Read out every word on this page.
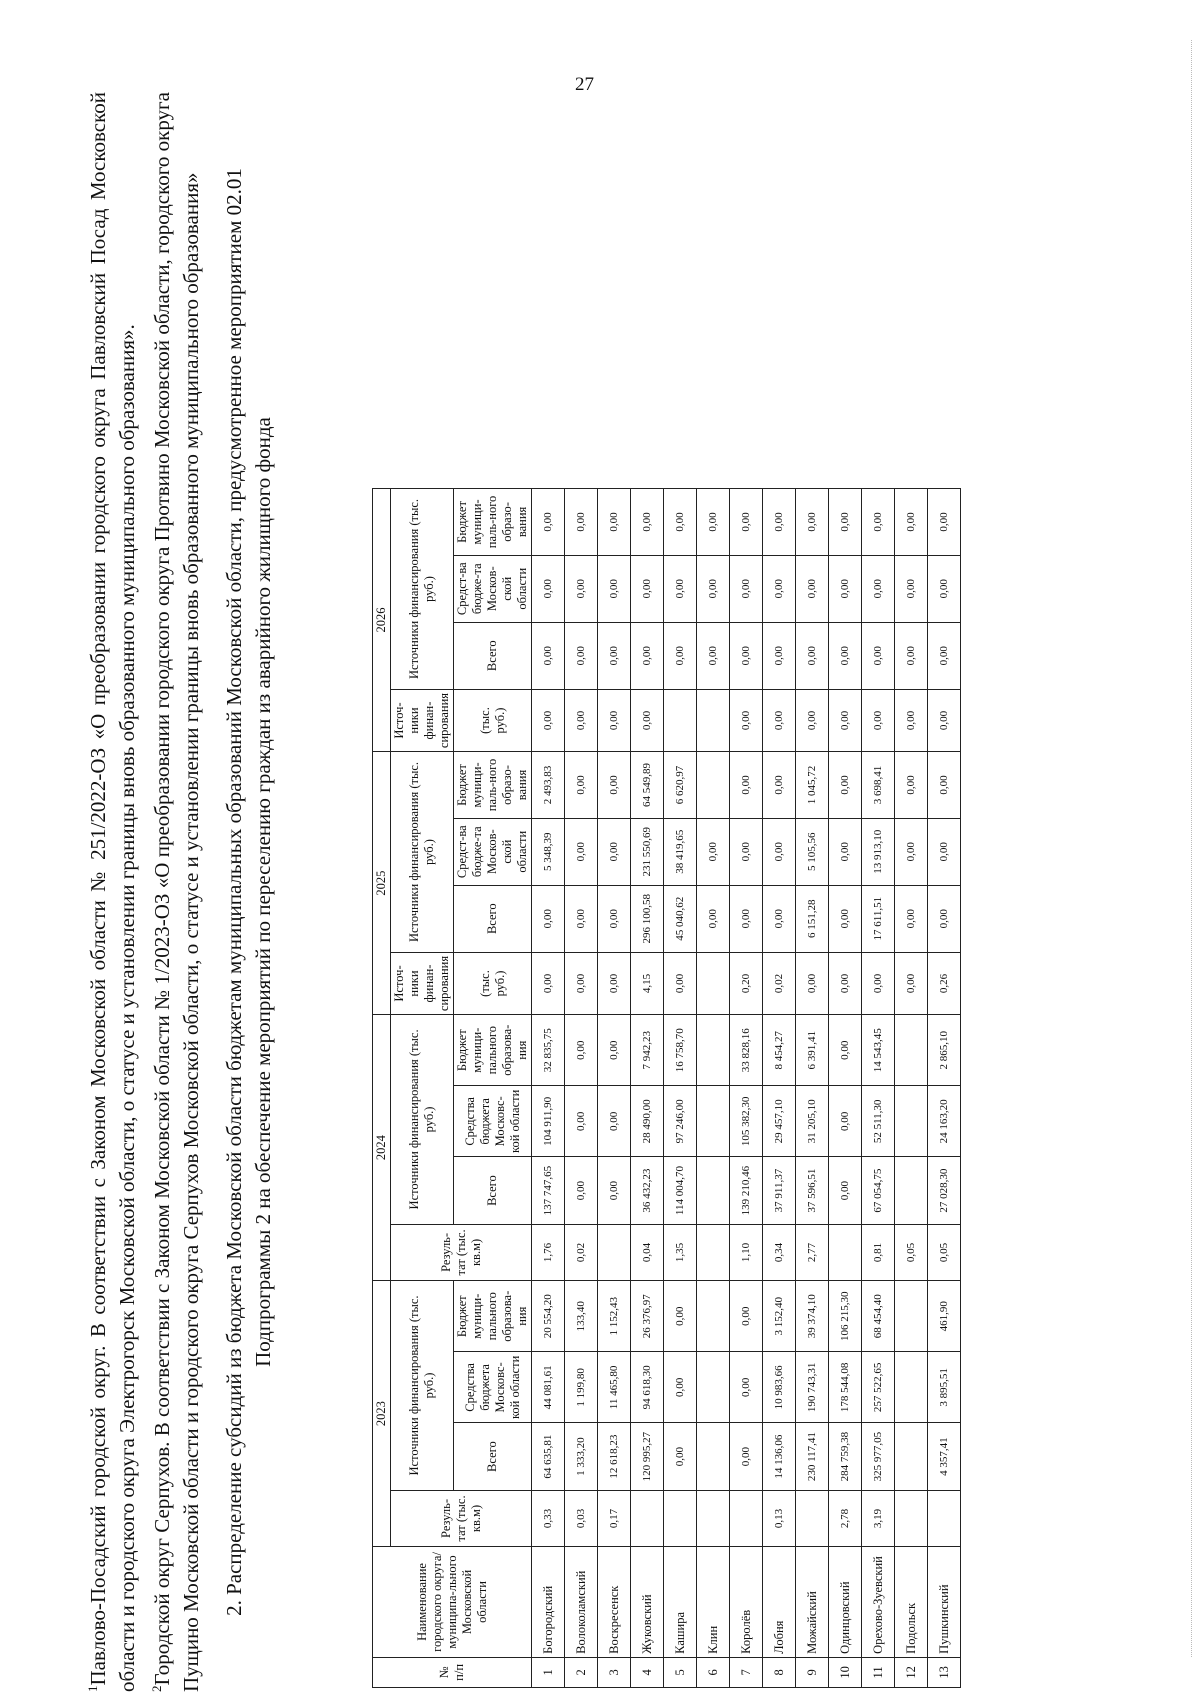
27

$^1$Павлово-Посадский городской округ. В соответствии с Законом Московской области № 251/2022-ОЗ «О преобразовании городского округа Павловский Посад Московской области и городского округа Электрогорск Московской области, о статусе и установлении границы вновь образованного муниципального образования». $^2$Городской округ Серпухов. В соответствии с Законом Московской области № 1/2023-ОЗ «О преобразовании городского округа Протвино Московской области, городского округа Пущино Московской области и городского округа Серпухов Московской области, о статусе и установлении границы вновь образованного муниципального образования» 2. Распределение субсидий из бюджета Московской области бюджетам муниципальных образований Московской области, предусмотренное мероприятием 02.01 Подпрограммы 2 на обеспечение мероприятий по переселению граждан из аварийного жилищного фонда
№ п/п	Наименование городского округа/муниципа-льного Московской области	2023				2024				2025				2026			
		Резуль-тат (тыс. кв.м)	Источники финансирования (тыс. руб.)			Резуль-тат (тыс. кв.м)	Источники финансирования (тыс. руб.)			Источ-ники финан-сирования	Источники финансирования (тыс. руб.)			Источ-ники финан-сирования	Источники финансирования (тыс. руб.)		
			Всего	Средства бюджета Московс-кой области	Бюджет муници-пального образова-ния		Всего	Средства бюджета Московс-кой области	Бюджет муници-пального образова-ния	(тыс. руб.)	Всего	Средст-ва бюдже-та Москов-ской области	Бюджет муници-паль-ного образо-вания	(тыс. руб.)	Всего	Средст-ва бюдже-та Москов-ской области	Бюджет муници-паль-ного образо-вания
1	Богородский	0,33	64 635,81	44 081,61	20 554,20	1,76	137 747,65	104 911,90	32 835,75	0,00	0,00	5 348,39	2 493,83	0,00	0,00	0,00	0,00
2	Волоколамский	0,03	1 333,20	1 199,80	133,40	0,02	0,00	0,00	0,00	0,00	0,00	0,00	0,00	0,00	0,00	0,00	0,00
3	Воскресенск	0,17	12 618,23	11 465,80	1 152,43		0,00	0,00	0,00	0,00	0,00	0,00	0,00	0,00	0,00	0,00	0,00
4	Жуковский		120 995,27	94 618,30	26 376,97	0,04	36 432,23	28 490,00	7 942,23	4,15	296 100,58	231 550,69	64 549,89	0,00	0,00	0,00	0,00
5	Кашира		0,00	0,00	0,00	1,35	114 004,70	97 246,00	16 758,70	0,00	45 040,62	38 419,65	6 620,97		0,00	0,00	0,00
6	Клин										0,00	0,00			0,00	0,00	0,00
7	Королёв		0,00	0,00	0,00	1,10	139 210,46	105 382,30	33 828,16	0,20	0,00	0,00	0,00	0,00	0,00	0,00	0,00
8	Лобня	0,13	14 136,06	10 983,66	3 152,40	0,34	37 911,37	29 457,10	8 454,27	0,02	0,00	0,00	0,00	0,00	0,00	0,00	0,00
9	Можайский		230 117,41	190 743,31	39 374,10	2,77	37 596,51	31 205,10	6 391,41	0,00	6 151,28	5 105,56	1 045,72	0,00	0,00	0,00	0,00
10	Одинцовский	2,78	284 759,38	178 544,08	106 215,30		0,00	0,00	0,00	0,00	0,00	0,00	0,00	0,00	0,00	0,00	0,00
11	Орехово-Зуевский	3,19	325 977,05	257 522,65	68 454,40	0,81	67 054,75	52 511,30	14 543,45	0,00	17 611,51	13 913,10	3 698,41	0,00	0,00	0,00	0,00
12	Подольск					0,05				0,00	0,00	0,00	0,00	0,00	0,00	0,00	0,00
13	Пушкинский		4 357,41	3 895,51	461,90	0,05	27 028,30	24 163,20	2 865,10	0,26	0,00	0,00	0,00	0,00	0,00	0,00	0,00
